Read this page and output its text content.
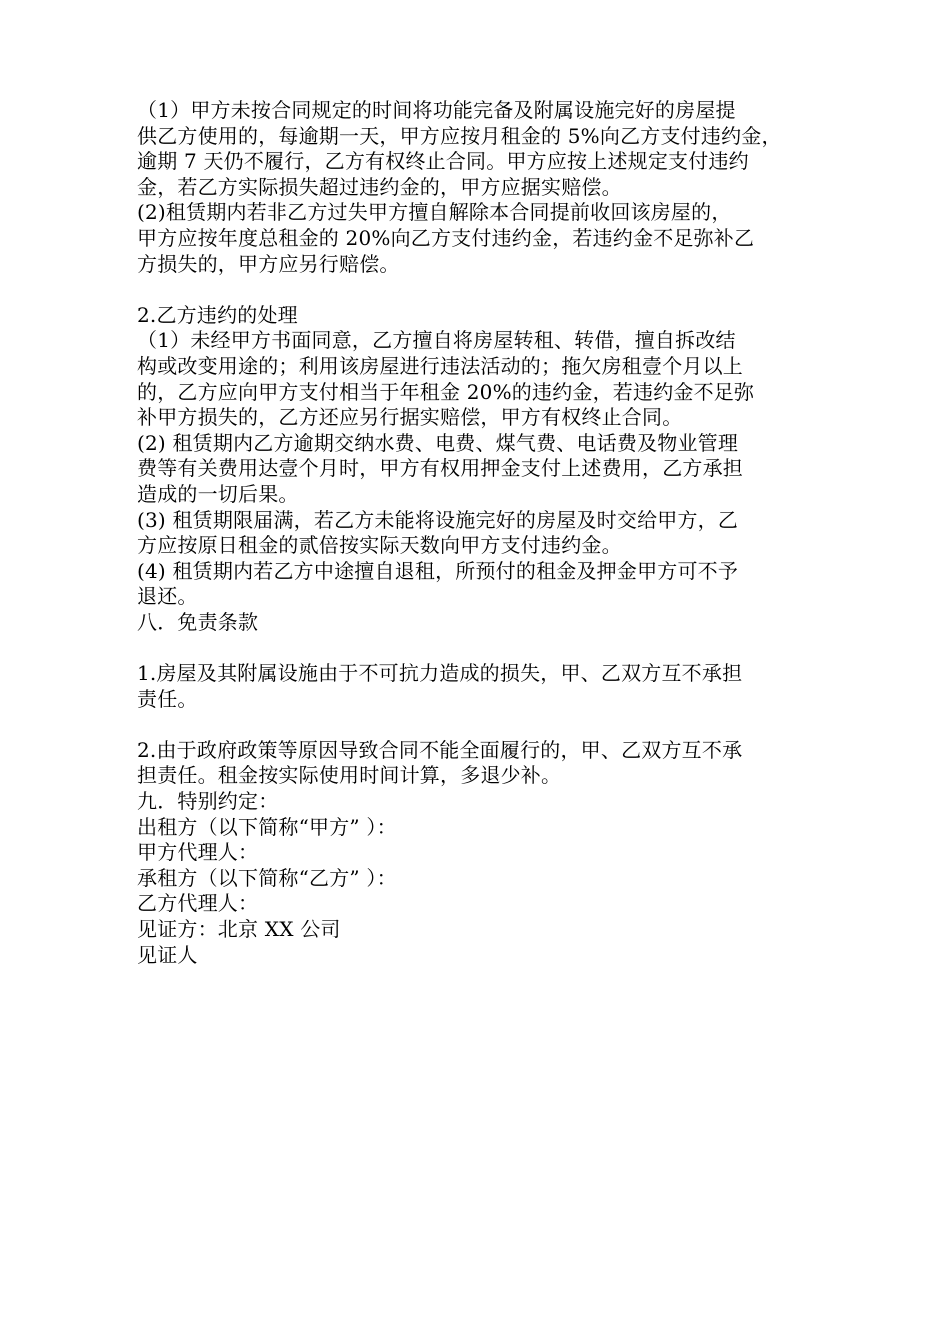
（1）甲方未按合同规定的时间将功能完备及附属设施完好的房屋提
供乙方使用的，每逾期一天，甲方应按月租金的 5%向乙方支付违约金，
逾期 7 天仍不履行，乙方有权终止合同。甲方应按上述规定支付违约
金，若乙方实际损失超过违约金的，甲方应据实赔偿。
(2)租赁期内若非乙方过失甲方擅自解除本合同提前收回该房屋的，
甲方应按年度总租金的 20%向乙方支付违约金，若违约金不足弥补乙
方损失的，甲方应另行赔偿。
2.乙方违约的处理
（1）未经甲方书面同意，乙方擅自将房屋转租、转借，擅自拆改结
构或改变用途的；利用该房屋进行违法活动的；拖欠房租壹个月以上
的，乙方应向甲方支付相当于年租金 20%的违约金，若违约金不足弥
补甲方损失的，乙方还应另行据实赔偿，甲方有权终止合同。
(2) 租赁期内乙方逾期交纳水费、电费、煤气费、电话费及物业管理
费等有关费用达壹个月时，甲方有权用押金支付上述费用，乙方承担
造成的一切后果。
(3) 租赁期限届满，若乙方未能将设施完好的房屋及时交给甲方，乙
方应按原日租金的贰倍按实际天数向甲方支付违约金。
(4) 租赁期内若乙方中途擅自退租，所预付的租金及押金甲方可不予
退还。
八．免责条款
1.房屋及其附属设施由于不可抗力造成的损失，甲、乙双方互不承担
责任。
2.由于政府政策等原因导致合同不能全面履行的，甲、乙双方互不承
担责任。租金按实际使用时间计算，多退少补。
九．特别约定：
出租方（以下简称“甲方” ）：
甲方代理人：
承租方（以下简称“乙方” ）：
乙方代理人：
见证方：北京 XX 公司
见证人
